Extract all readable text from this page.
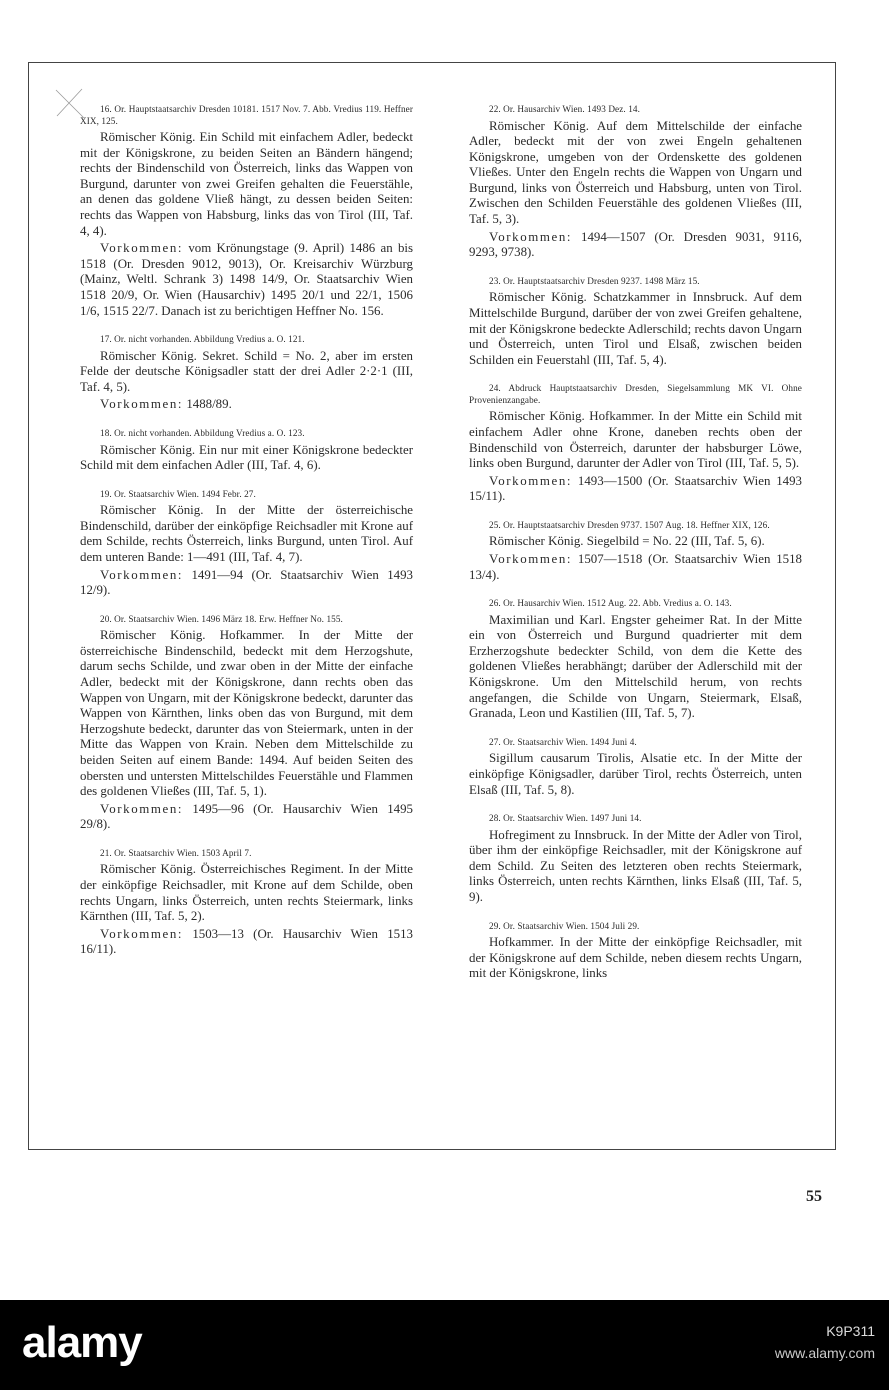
16. Or. Hauptstaatsarchiv Dresden 10181. 1517 Nov. 7. Abb. Vredius 119. Heffner XIX, 125.

Römischer König. Ein Schild mit einfachem Adler, bedeckt mit der Königskrone, zu beiden Seiten an Bändern hängend; rechts der Bindenschild von Österreich, links das Wappen von Burgund, darunter von zwei Greifen gehalten die Feuerstähle, an denen das goldene Vließ hängt, zu dessen beiden Seiten: rechts das Wappen von Habsburg, links das von Tirol (III, Taf. 4, 4).

Vorkommen: vom Krönungstage (9. April) 1486 an bis 1518 (Or. Dresden 9012, 9013), Or. Kreisarchiv Würzburg (Mainz, Weltl. Schrank 3) 1498 14/9, Or. Staatsarchiv Wien 1518 20/9, Or. Wien (Hausarchiv) 1495 20/1 und 22/1, 1506 1/6, 1515 22/7. Danach ist zu berichtigen Heffner No. 156.

17. Or. nicht vorhanden. Abbildung Vredius a. O. 121.

Römischer König. Sekret. Schild = No. 2, aber im ersten Felde der deutsche Königsadler statt der drei Adler 2·2·1 (III, Taf. 4, 5).

Vorkommen: 1488/89.

18. Or. nicht vorhanden. Abbildung Vredius a. O. 123.

Römischer König. Ein nur mit einer Königskrone bedeckter Schild mit dem einfachen Adler (III, Taf. 4, 6).

19. Or. Staatsarchiv Wien. 1494 Febr. 27.

Römischer König. In der Mitte der österreichische Bindenschild, darüber der einköpfige Reichsadler mit Krone auf dem Schilde, rechts Österreich, links Burgund, unten Tirol. Auf dem unteren Bande: 1—491 (III, Taf. 4, 7).

Vorkommen: 1491—94 (Or. Staatsarchiv Wien 1493 12/9).

20. Or. Staatsarchiv Wien. 1496 März 18. Erw. Heffner No. 155.

Römischer König. Hofkammer. In der Mitte der österreichische Bindenschild, bedeckt mit dem Herzogshute, darum sechs Schilde, und zwar oben in der Mitte der einfache Adler, bedeckt mit der Königskrone, dann rechts oben das Wappen von Ungarn, mit der Königskrone bedeckt, darunter das Wappen von Kärnthen, links oben das von Burgund, mit dem Herzogshute bedeckt, darunter das von Steiermark, unten in der Mitte das Wappen von Krain. Neben dem Mittelschilde zu beiden Seiten auf einem Bande: 1494. Auf beiden Seiten des obersten und untersten Mittelschildes Feuerstähle und Flammen des goldenen Vließes (III, Taf. 5, 1).

Vorkommen: 1495—96 (Or. Hausarchiv Wien 1495 29/8).

21. Or. Staatsarchiv Wien. 1503 April 7.

Römischer König. Österreichisches Regiment. In der Mitte der einköpfige Reichsadler, mit Krone auf dem Schilde, oben rechts Ungarn, links Österreich, unten rechts Steiermark, links Kärnthen (III, Taf. 5, 2).

Vorkommen: 1503—13 (Or. Hausarchiv Wien 1513 16/11).

22. Or. Hausarchiv Wien. 1493 Dez. 14.

Römischer König. Auf dem Mittelschilde der einfache Adler, bedeckt mit der von zwei Engeln gehaltenen Königskrone, umgeben von der Ordenskette des goldenen Vließes. Unter den Engeln rechts die Wappen von Ungarn und Burgund, links von Österreich und Habsburg, unten von Tirol. Zwischen den Schilden Feuerstähle des goldenen Vließes (III, Taf. 5, 3).

Vorkommen: 1494—1507 (Or. Dresden 9031, 9116, 9293, 9738).

23. Or. Hauptstaatsarchiv Dresden 9237. 1498 März 15.

Römischer König. Schatzkammer in Innsbruck. Auf dem Mittelschilde Burgund, darüber der von zwei Greifen gehaltene, mit der Königskrone bedeckte Adlerschild; rechts davon Ungarn und Österreich, unten Tirol und Elsaß, zwischen beiden Schilden ein Feuerstahl (III, Taf. 5, 4).

24. Abdruck Hauptstaatsarchiv Dresden, Siegelsammlung MK VI. Ohne Provenienzangabe.

Römischer König. Hofkammer. In der Mitte ein Schild mit einfachem Adler ohne Krone, daneben rechts oben der Bindenschild von Österreich, darunter der habsburger Löwe, links oben Burgund, darunter der Adler von Tirol (III, Taf. 5, 5).

Vorkommen: 1493—1500 (Or. Staatsarchiv Wien 1493 15/11).

25. Or. Hauptstaatsarchiv Dresden 9737. 1507 Aug. 18. Heffner XIX, 126.

Römischer König. Siegelbild = No. 22 (III, Taf. 5, 6).

Vorkommen: 1507—1518 (Or. Staatsarchiv Wien 1518 13/4).

26. Or. Hausarchiv Wien. 1512 Aug. 22. Abb. Vredius a. O. 143.

Maximilian und Karl. Engster geheimer Rat. In der Mitte ein von Österreich und Burgund quadrierter mit dem Erzherzogshute bedeckter Schild, von dem die Kette des goldenen Vließes herabhängt; darüber der Adlerschild mit der Königskrone. Um den Mittelschild herum, von rechts angefangen, die Schilde von Ungarn, Steiermark, Elsaß, Granada, Leon und Kastilien (III, Taf. 5, 7).

27. Or. Staatsarchiv Wien. 1494 Juni 4.

Sigillum causarum Tirolis, Alsatie etc. In der Mitte der einköpfige Königsadler, darüber Tirol, rechts Österreich, unten Elsaß (III, Taf. 5, 8).

28. Or. Staatsarchiv Wien. 1497 Juni 14.

Hofregiment zu Innsbruck. In der Mitte der Adler von Tirol, über ihm der einköpfige Reichsadler, mit der Königskrone auf dem Schild. Zu Seiten des letzteren oben rechts Steiermark, links Österreich, unten rechts Kärnthen, links Elsaß (III, Taf. 5, 9).

29. Or. Staatsarchiv Wien. 1504 Juli 29.

Hofkammer. In der Mitte der einköpfige Reichsadler, mit der Königskrone auf dem Schilde, neben diesem rechts Ungarn, mit der Königskrone, links

55
alamy	K9P311
www.alamy.com
